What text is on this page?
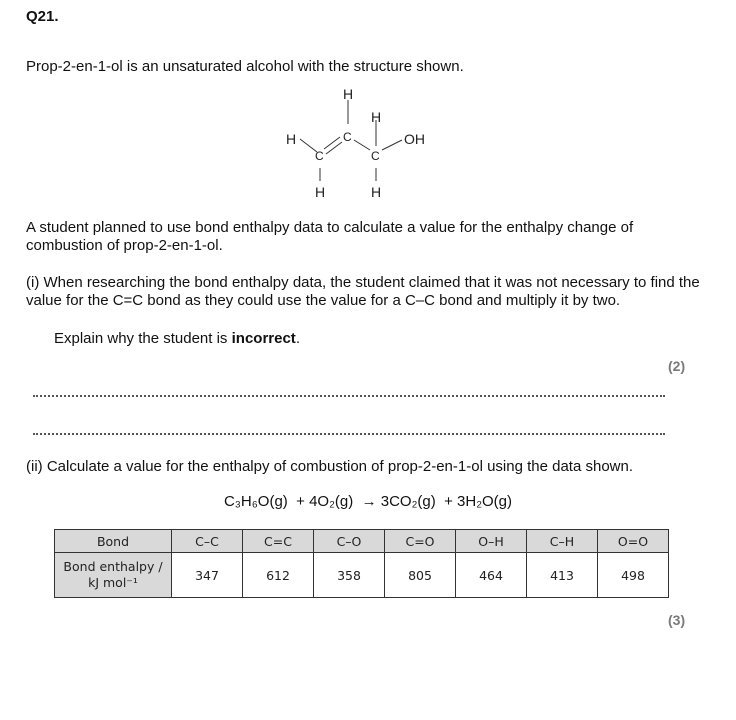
Q21.
Prop-2-en-1-ol is an unsaturated alcohol with the structure shown.
H
H
H	C
C	C
OH
H	H
A student planned to use bond enthalpy data to calculate a value for the enthalpy change of combustion of prop-2-en-1-ol.
(i) When researching the bond enthalpy data, the student claimed that it was not necessary to find the value for the C=C bond as they could use the value for a C–C bond and multiply it by two.
Explain why the student is incorrect.
(2)
(ii) Calculate a value for the enthalpy of combustion of prop-2-en-1-ol using the data shown.
C₃H₆O(g) + 4O₂(g) → 3CO₂(g) + 3H₂O(g)
Bond	C–C	C=C	C–O	C=O	O–H	C–H	O=O
Bond enthalpy /
kJ mol⁻¹	347	612	358	805	464	413	498
(3)
